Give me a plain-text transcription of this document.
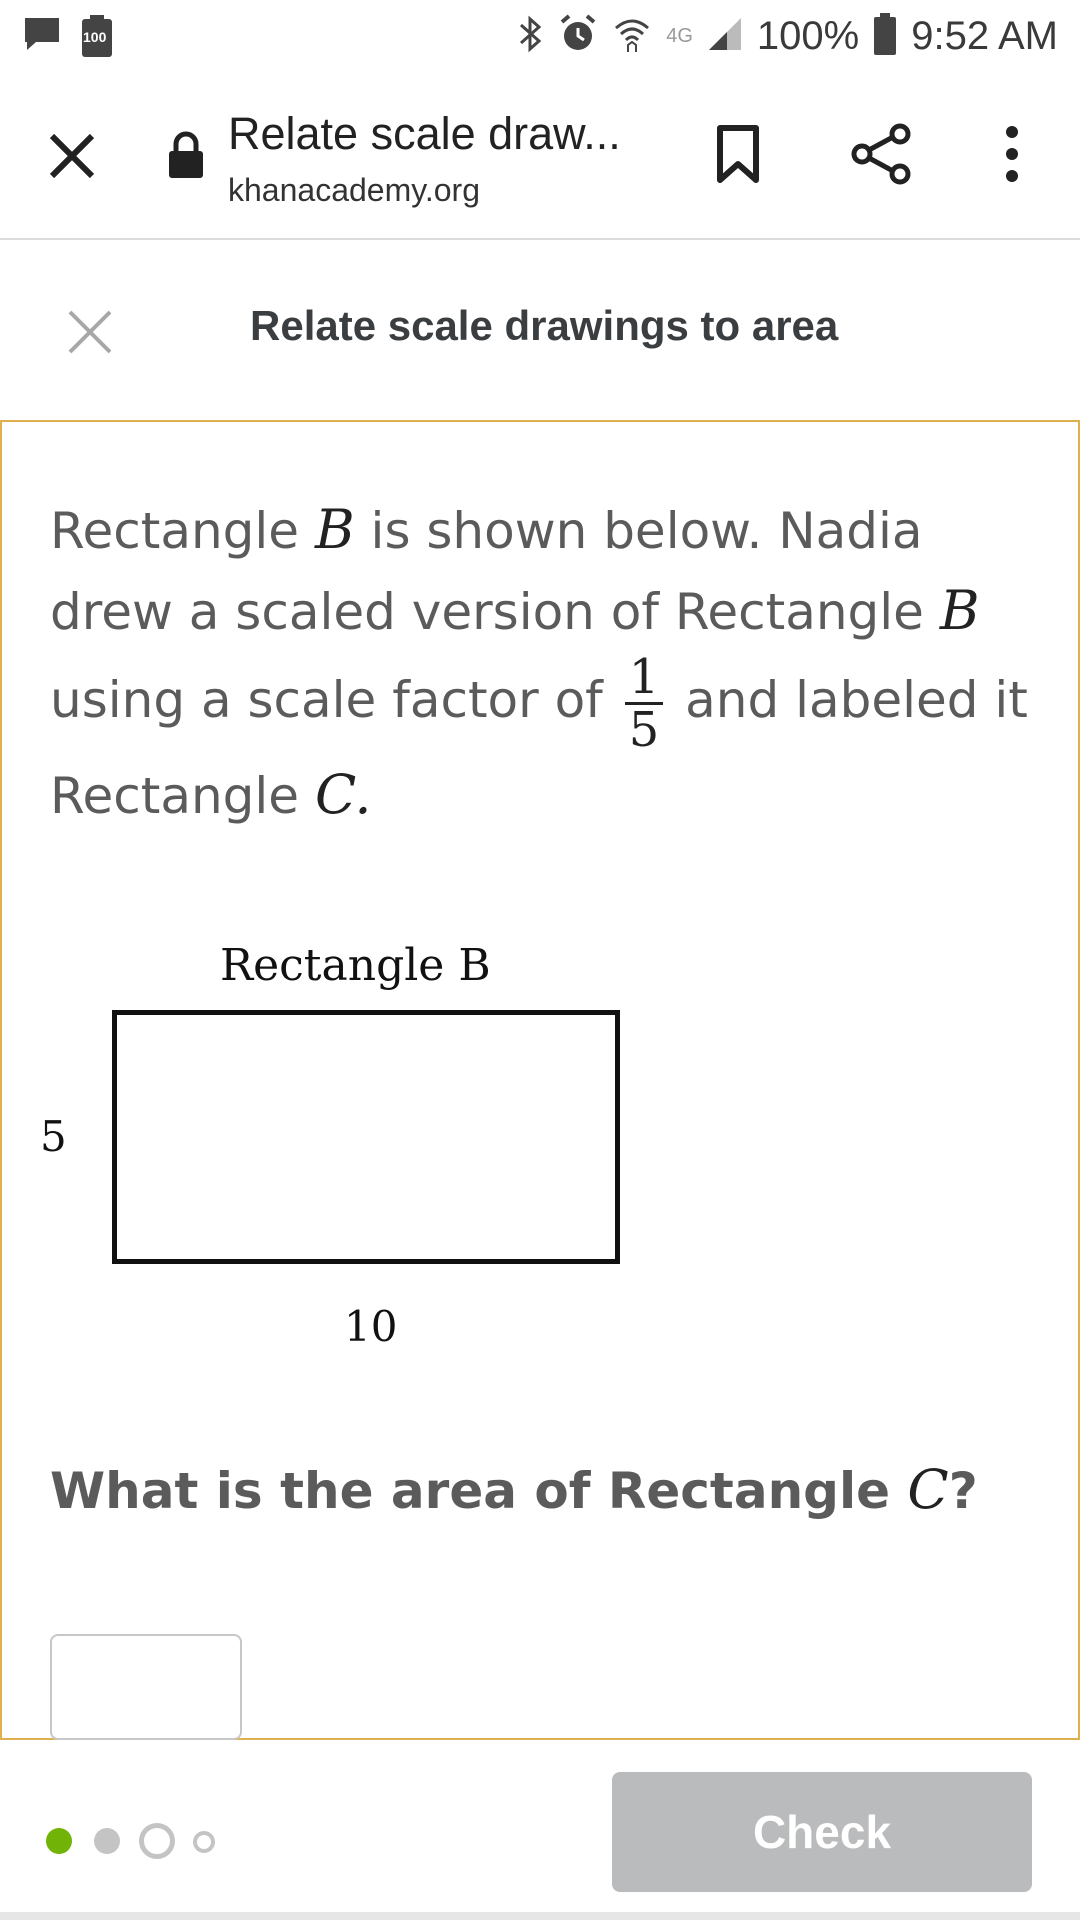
100	4G 100% 9:52 AM
Relate scale draw...
khanacademy.org
Relate scale drawings to area
Rectangle B is shown below. Nadia drew a scaled version of Rectangle B using a scale factor of $\frac{1}{5}$ and labeled it Rectangle C.
Rectangle B
5
10
What is the area of Rectangle C?
Check
